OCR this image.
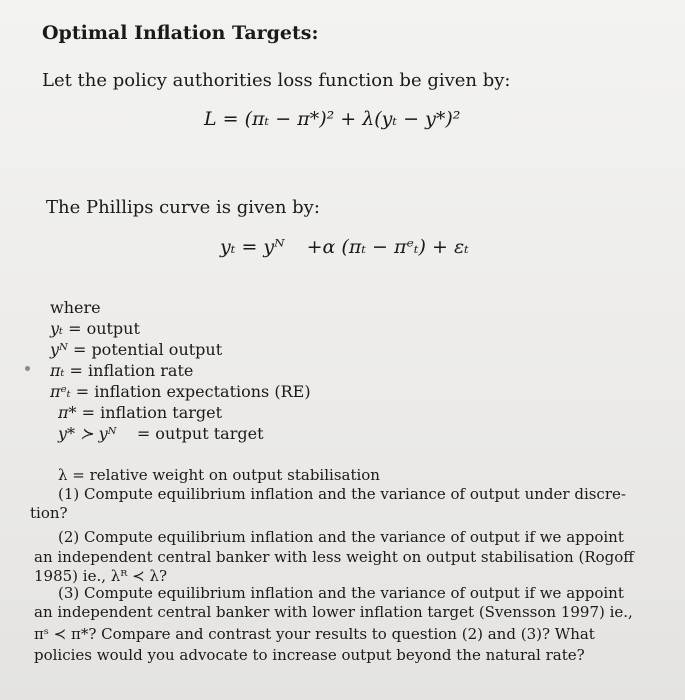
Optimal Inflation Targets:
Let the policy authorities loss function be given by:
L = (πₜ − π*)² + λ(yₜ − y*)²
The Phillips curve is given by:
yₜ = yᴺ +α (πₜ − πᵉₜ) + εₜ
where
yₜ = output
yᴺ = potential output
πₜ = inflation rate
πᵉₜ = inflation expectations (RE)
π* = inflation target
y* ≻ yᴺ    = output target
λ = relative weight on output stabilisation
(1) Compute equilibrium inflation and the variance of output under discre-
tion?
(2) Compute equilibrium inflation and the variance of output if we appoint
an independent central banker with less weight on output stabilisation (Rogoff
1985) ie., λᴿ ≺ λ?
(3) Compute equilibrium inflation and the variance of output if we appoint
an independent central banker with lower inflation target (Svensson 1997) ie.,
πˢ ≺ π*? Compare and contrast your results to question (2) and (3)? What
policies would you advocate to increase output beyond the natural rate?
